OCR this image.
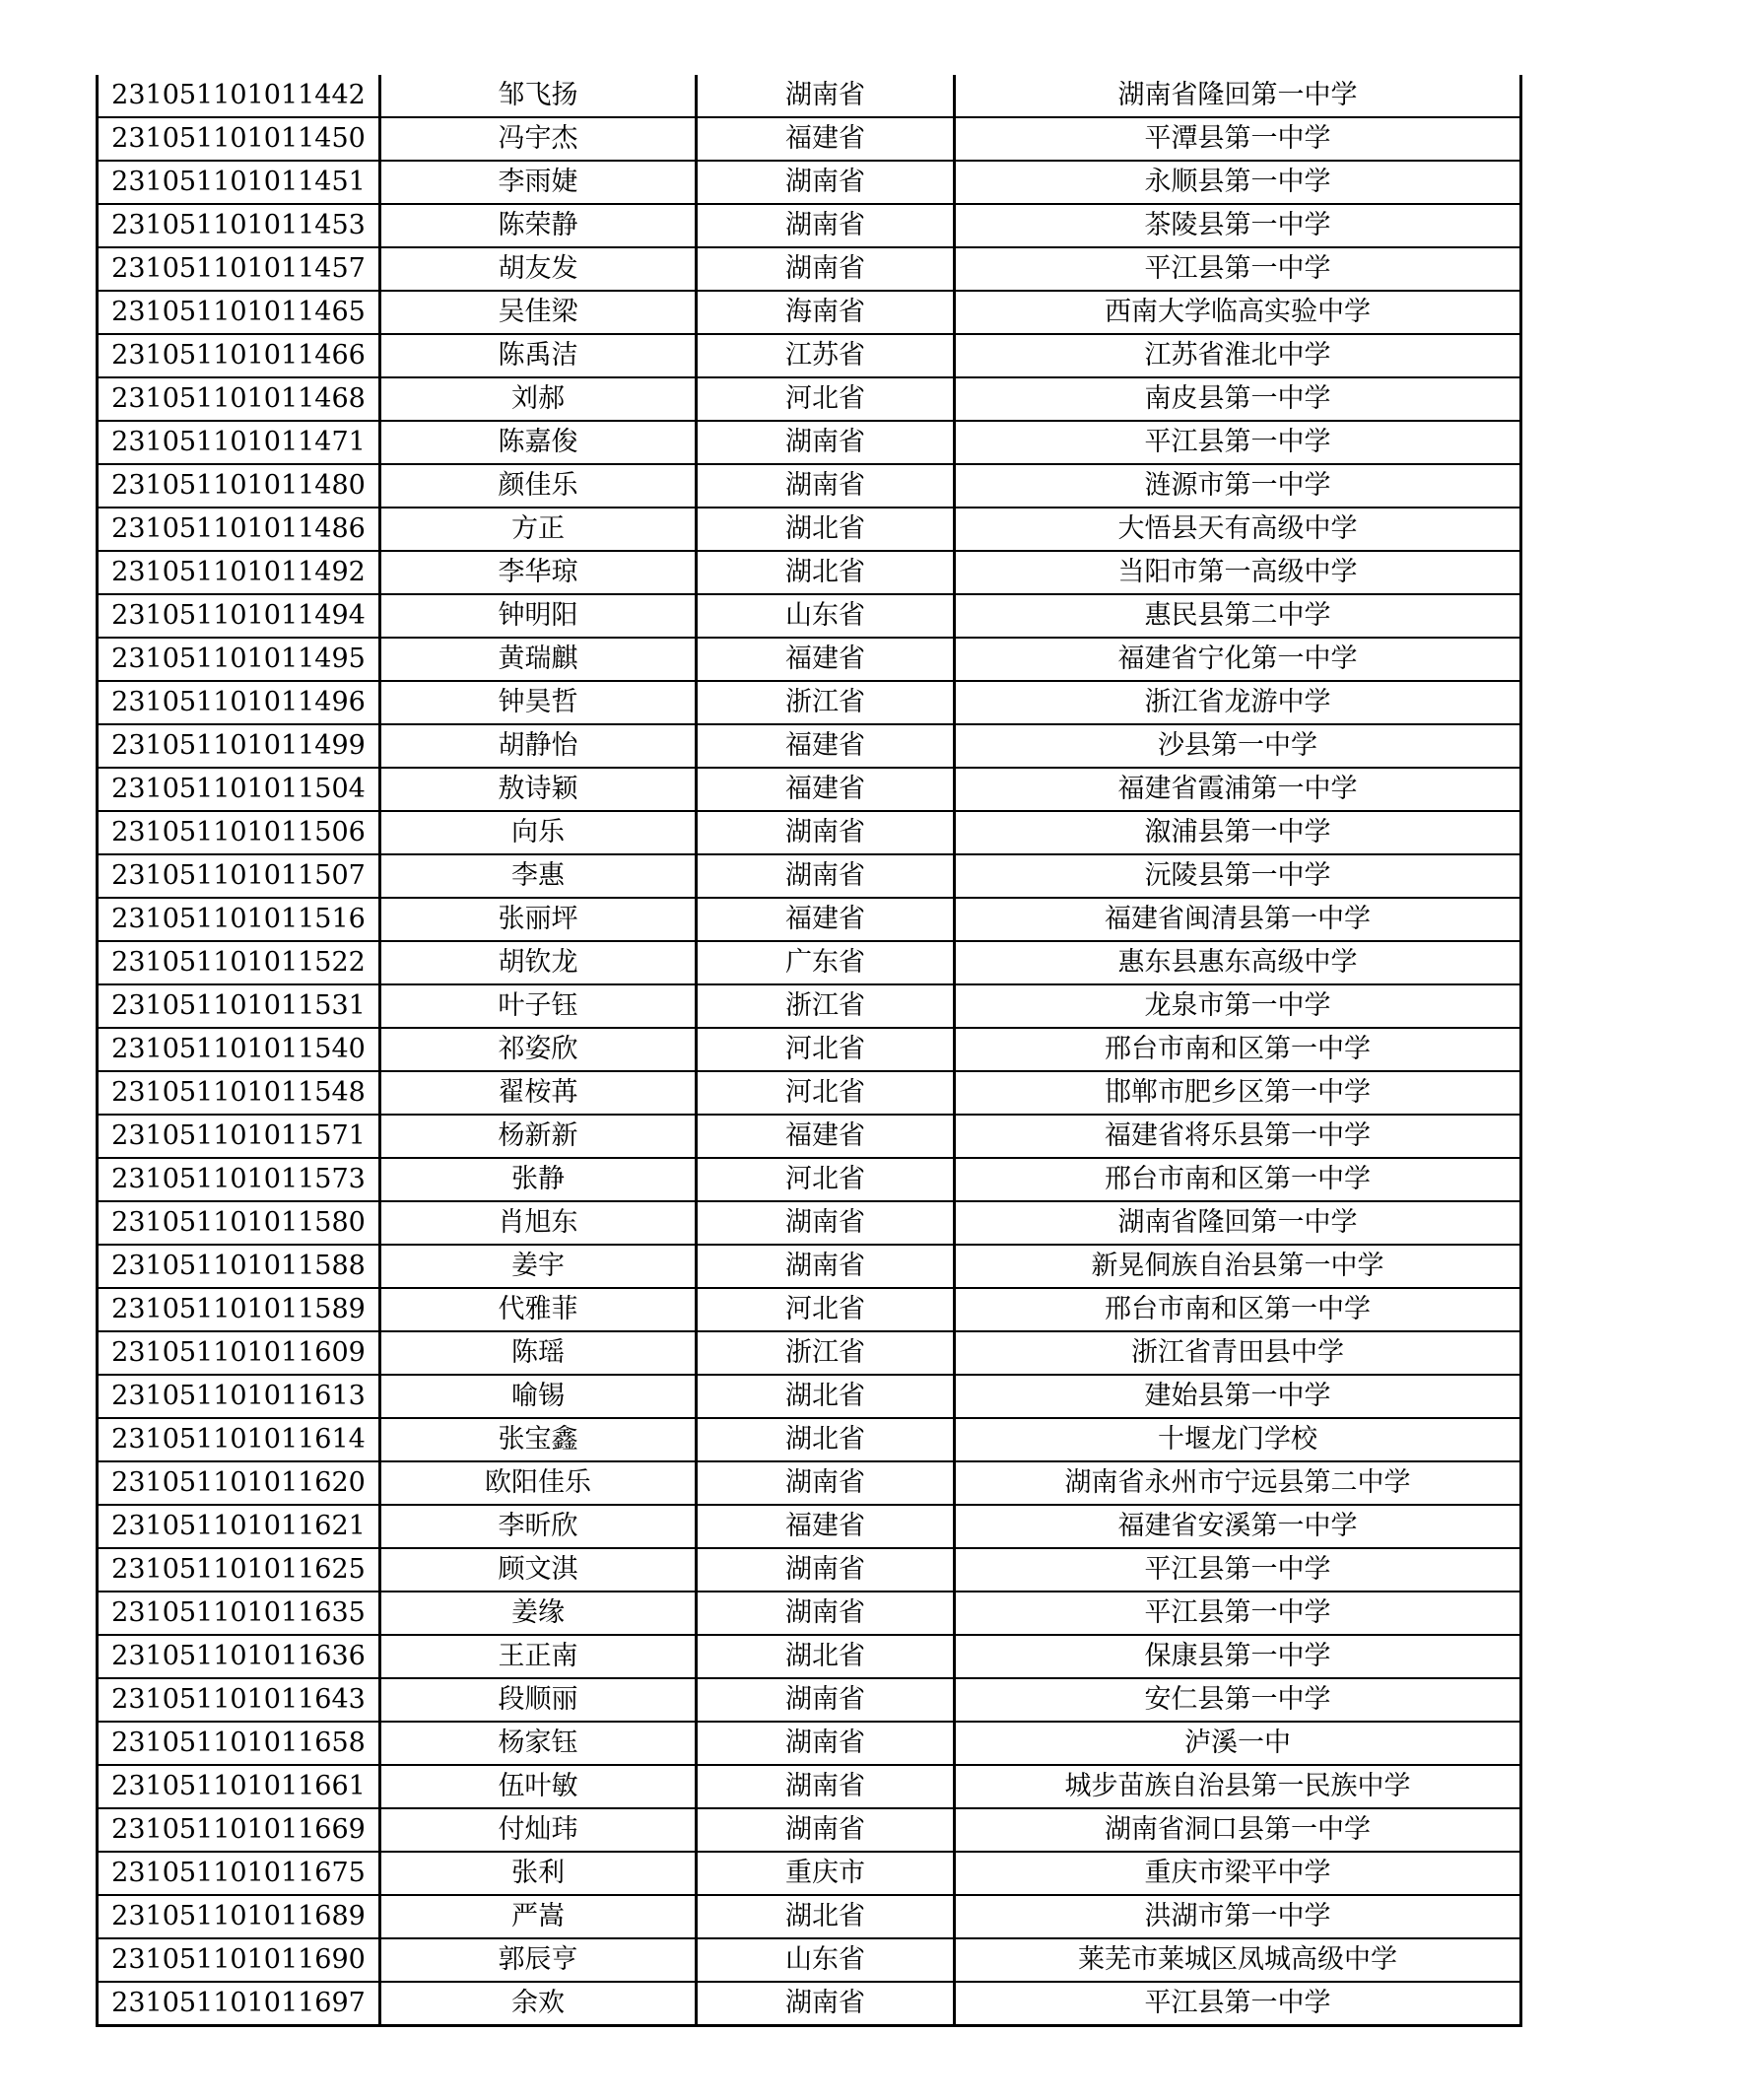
231051101011442	邹飞扬	湖南省	湖南省隆回第一中学
231051101011450	冯宇杰	福建省	平潭县第一中学
231051101011451	李雨婕	湖南省	永顺县第一中学
231051101011453	陈荣静	湖南省	茶陵县第一中学
231051101011457	胡友发	湖南省	平江县第一中学
231051101011465	吴佳梁	海南省	西南大学临高实验中学
231051101011466	陈禹洁	江苏省	江苏省淮北中学
231051101011468	刘郝	河北省	南皮县第一中学
231051101011471	陈嘉俊	湖南省	平江县第一中学
231051101011480	颜佳乐	湖南省	涟源市第一中学
231051101011486	方正	湖北省	大悟县天有高级中学
231051101011492	李华琼	湖北省	当阳市第一高级中学
231051101011494	钟明阳	山东省	惠民县第二中学
231051101011495	黄瑞麒	福建省	福建省宁化第一中学
231051101011496	钟昊哲	浙江省	浙江省龙游中学
231051101011499	胡静怡	福建省	沙县第一中学
231051101011504	敖诗颖	福建省	福建省霞浦第一中学
231051101011506	向乐	湖南省	溆浦县第一中学
231051101011507	李惠	湖南省	沅陵县第一中学
231051101011516	张丽坪	福建省	福建省闽清县第一中学
231051101011522	胡钦龙	广东省	惠东县惠东高级中学
231051101011531	叶子钰	浙江省	龙泉市第一中学
231051101011540	祁姿欣	河北省	邢台市南和区第一中学
231051101011548	翟桉苒	河北省	邯郸市肥乡区第一中学
231051101011571	杨新新	福建省	福建省将乐县第一中学
231051101011573	张静	河北省	邢台市南和区第一中学
231051101011580	肖旭东	湖南省	湖南省隆回第一中学
231051101011588	姜宇	湖南省	新晃侗族自治县第一中学
231051101011589	代雅菲	河北省	邢台市南和区第一中学
231051101011609	陈瑶	浙江省	浙江省青田县中学
231051101011613	喻锡	湖北省	建始县第一中学
231051101011614	张宝鑫	湖北省	十堰龙门学校
231051101011620	欧阳佳乐	湖南省	湖南省永州市宁远县第二中学
231051101011621	李昕欣	福建省	福建省安溪第一中学
231051101011625	顾文淇	湖南省	平江县第一中学
231051101011635	姜缘	湖南省	平江县第一中学
231051101011636	王正南	湖北省	保康县第一中学
231051101011643	段顺丽	湖南省	安仁县第一中学
231051101011658	杨家钰	湖南省	泸溪一中
231051101011661	伍叶敏	湖南省	城步苗族自治县第一民族中学
231051101011669	付灿玮	湖南省	湖南省洞口县第一中学
231051101011675	张利	重庆市	重庆市梁平中学
231051101011689	严嵩	湖北省	洪湖市第一中学
231051101011690	郭辰亨	山东省	莱芜市莱城区凤城高级中学
231051101011697	余欢	湖南省	平江县第一中学
